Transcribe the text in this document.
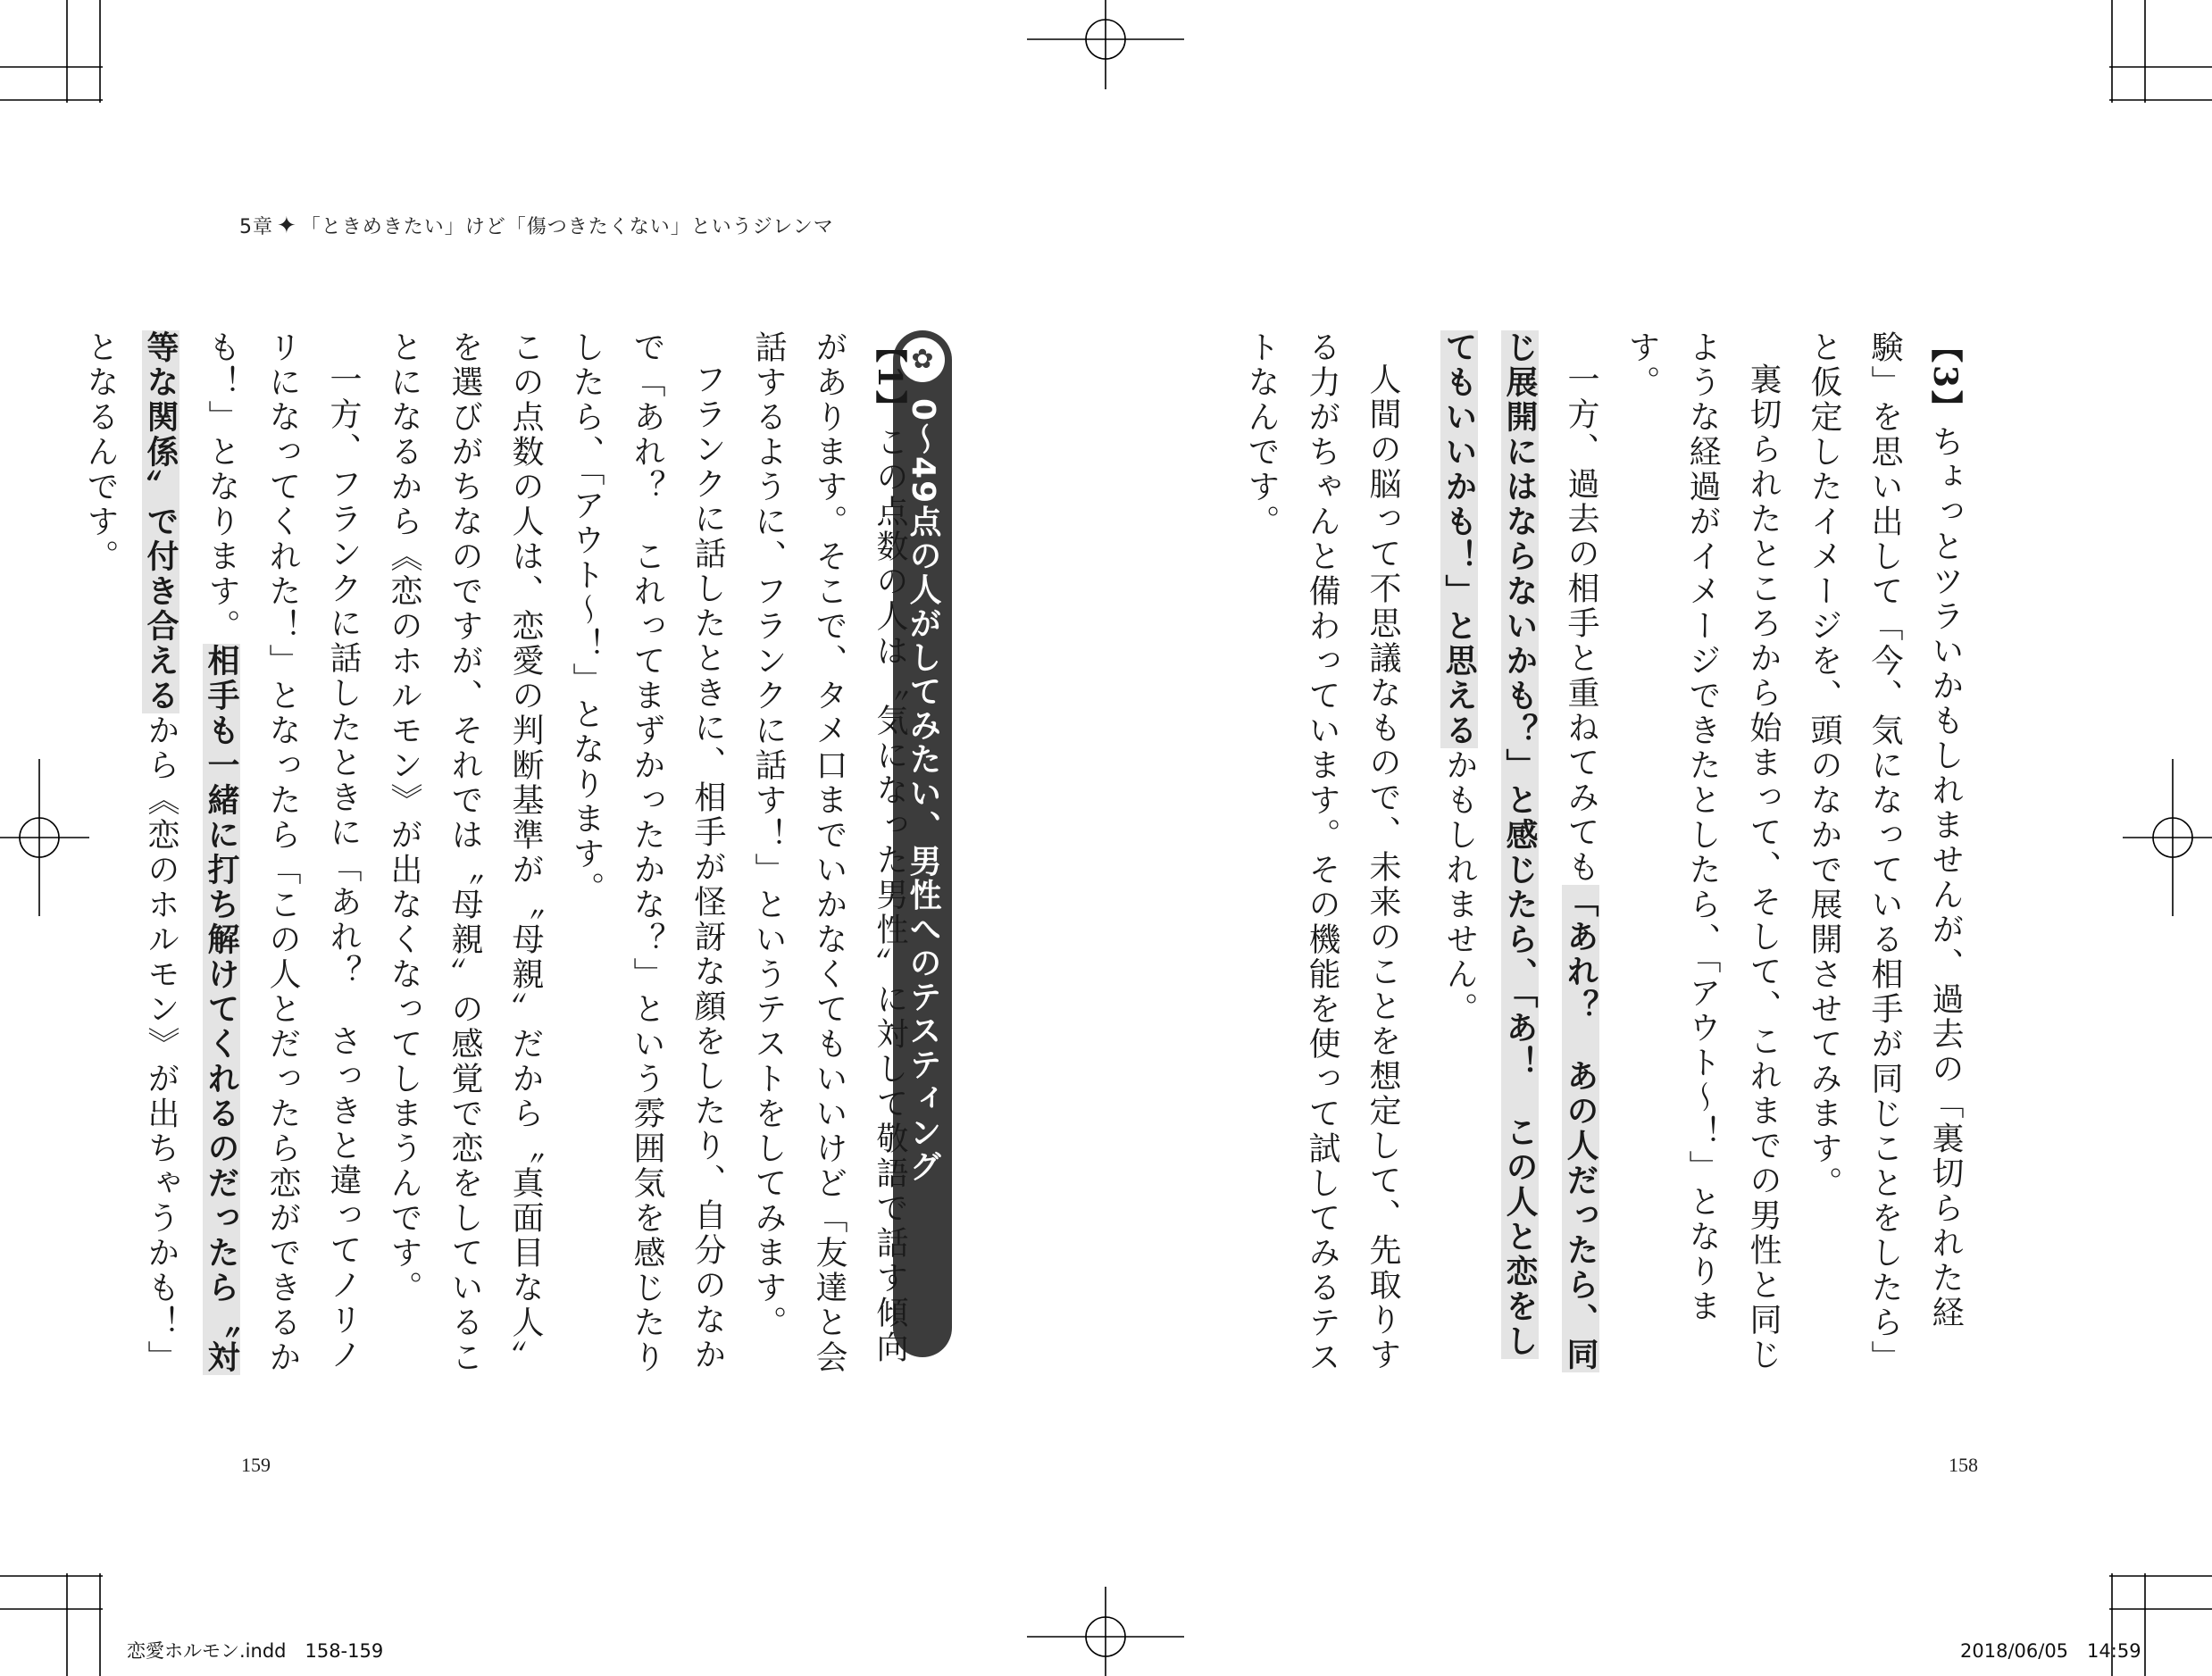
5章 ✦ 「ときめきたい」けど「傷つきたくない」というジレンマ

【3】ちょっとツラいかもしれませんが、過去の「裏切られた経験」を思い出して「今、気になっている相手が同じことをしたら」と仮定したイメージを、頭のなかで展開させてみます。

裏切られたところから始まって、そして、これまでの男性と同じような経過がイメージできたとしたら、「アウト～！」となります。

一方、過去の相手と重ねてみても「あれ？　あの人だったら、同じ展開にはならないかも？」と感じたら、「あ！　この人と恋をしてもいいかも！」と思えるかもしれません。

人間の脳って不思議なもので、未来のことを想定して、先取りする力がちゃんと備わっています。その機能を使って試してみるテストなんです。

0～49点の人がしてみたい、男性へのテスティング
✿

【1】この点数の人は〝気になった男性〟に対して敬語で話す傾向があります。そこで、タメ口までいかなくてもいいけど「友達と会話するように、フランクに話す！」というテストをしてみます。

フランクに話したときに、相手が怪訝な顔をしたり、自分のなかで「あれ？　これってまずかったかな？」という雰囲気を感じたりしたら、「アウト～！」となります。

この点数の人は、恋愛の判断基準が〝母親〟だから〝真面目な人〟を選びがちなのですが、それでは〝母親〟の感覚で恋をしていることになるから《恋のホルモン》が出なくなってしまうんです。

一方、フランクに話したときに「あれ？　さっきと違ってノリノリになってくれた！」となったら「この人とだったら恋ができるかも！」となります。相手も一緒に打ち解けてくれるのだったら〝対等な関係〟で付き合えるから《恋のホルモン》が出ちゃうかも！」となるんです。

159	158
恋愛ホルモン.indd　158-159	2018/06/05　14:59
